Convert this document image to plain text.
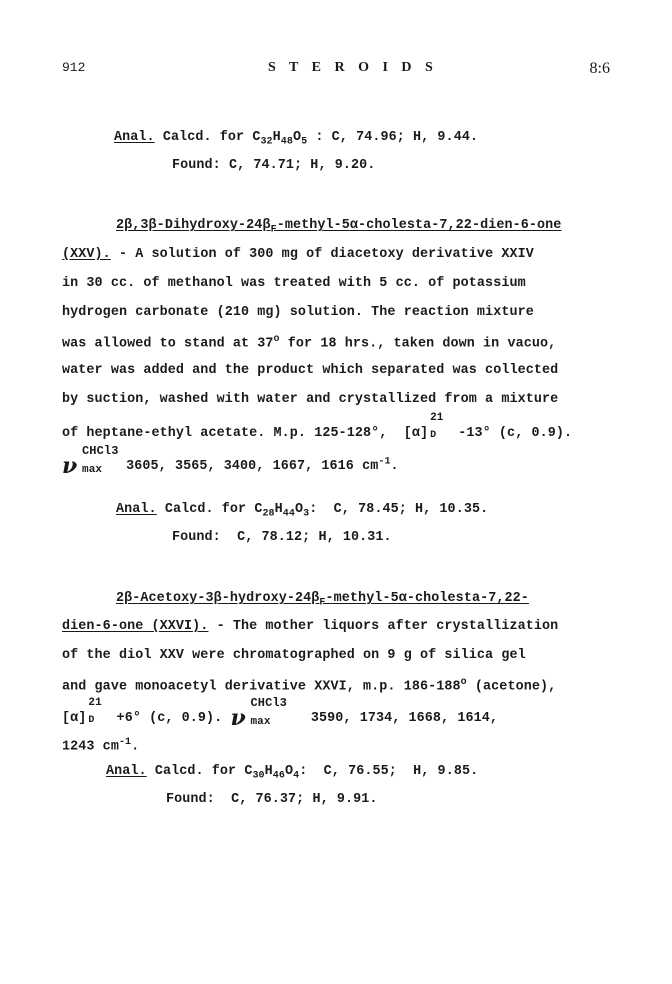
912	S T E R O I D S	8:6
Anal. Calcd. for $C_{32}H_{48}O_5$ : C, 74.96; H, 9.44.
Found: C, 74.71; H, 9.20.
$2\beta,3\beta-Dihydroxy-24\beta_F-methyl-5\alpha-cholesta-7,22-dien-6$-one
(XXV). - A solution of 300 mg of diacetoxy derivative XXIV
in 30 cc. of methanol was treated with 5 cc. of potassium
hydrogen carbonate (210 mg) solution. The reaction mixture
was allowed to stand at 37$^o$ for 18 hrs., taken down in vacuo,
water was added and the product which separated was collected
by suction, washed with water and crystallized from a mixture
of heptane-ethyl acetate. M.p. 125-128°,  [α]
21
D -13° (c, 0.9).
ν
CHCl3
max 3605, 3565, 3400, 1667, 1616 $cm^{-1}$.
Anal. Calcd. for $C_{28}H_{44}O_3$:  C, 78.45; H, 10.35.
Found:  C, 78.12; H, 10.31.
$2\beta-Acetoxy-3\beta-hydroxy-24\beta_F-methyl-5\alpha-cholesta-7,22-$
dien-6-one (XXVI). - The mother liquors after crystallization
of the diol XXV were chromatographed on 9 g of silica gel
and gave monoacetyl derivative XXVI, m.p. 186-188$^o$ (acetone),
[α]
21
D +6° (c, 0.9). ν
CHCl3
max 3590, 1734, 1668, 1614,
1243 $cm^{-1}$.
Anal. Calcd. for $C_{30}H_{46}O_4$:  C, 76.55;  H, 9.85.
Found:  C, 76.37; H, 9.91.
